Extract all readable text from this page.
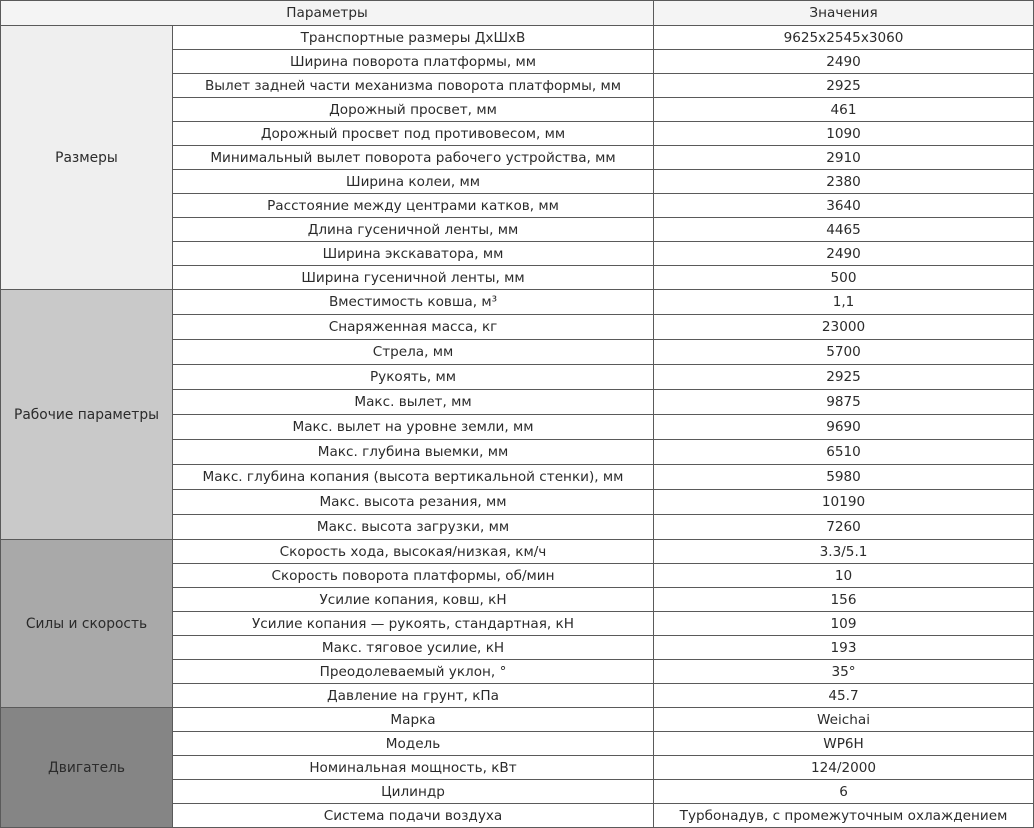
Параметры		Значения
Размеры	Транспортные размеры ДхШхВ	9625x2545x3060
	Ширина поворота платформы, мм	2490
	Вылет задней части механизма поворота платформы, мм	2925
	Дорожный просвет, мм	461
	Дорожный просвет под противовесом, мм	1090
	Минимальный вылет поворота рабочего устройства, мм	2910
	Ширина колеи, мм	2380
	Расстояние между центрами катков, мм	3640
	Длина гусеничной ленты, мм	4465
	Ширина экскаватора, мм	2490
	Ширина гусеничной ленты, мм	500
Рабочие параметры	Вместимость ковша, м³	1,1
	Снаряженная масса, кг	23000
	Стрела, мм	5700
	Рукоять, мм	2925
	Макс. вылет, мм	9875
	Макс. вылет на уровне земли, мм	9690
	Макс. глубина выемки, мм	6510
	Макс. глубина копания (высота вертикальной стенки), мм	5980
	Макс. высота резания, мм	10190
	Макс. высота загрузки, мм	7260
Силы и скорость	Скорость хода, высокая/низкая, км/ч	3.3/5.1
	Скорость поворота платформы, об/мин	10
	Усилие копания, ковш, кН	156
	Усилие копания — рукоять, стандартная, кН	109
	Макс. тяговое усилие, кН	193
	Преодолеваемый уклон, °	35°
	Давление на грунт, кПа	45.7
Двигатель	Марка	Weichai
	Модель	WP6H
	Номинальная мощность, кВт	124/2000
	Цилиндр	6
	Система подачи воздуха	Турбонадув, с промежуточным охлаждением
